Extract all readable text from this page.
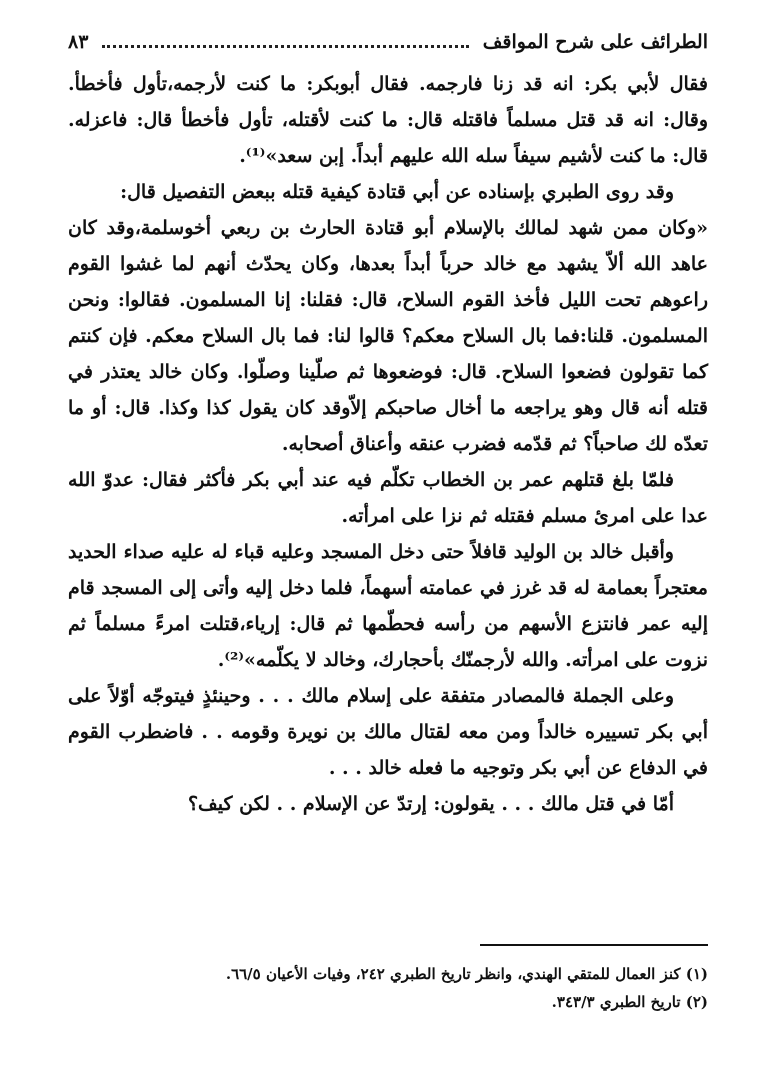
الطرائف على شرح المواقف
٨٣

فقال لأبي بكر: انه قد زنا فارجمه. فقال أبوبكر: ما كنت لأرجمه،تأول فأخطأ. وقال: انه قد قتل مسلماً فاقتله قال: ما كنت لأقتله، تأول فأخطأ قال: فاعزله. قال: ما كنت لأشيم سيفاً سله الله عليهم أبداً. إبن سعد»⁽¹⁾.

وقد روى الطبري بإسناده عن أبي قتادة كيفية قتله ببعض التفصيل قال:

«وكان ممن شهد لمالك بالإسلام أبو قتادة الحارث بن ربعي أخوسلمة،وقد كان عاهد الله ألاّ يشهد مع خالد حرباً أبداً بعدها، وكان يحدّث أنهم لما غشوا القوم راعوهم تحت الليل فأخذ القوم السلاح، قال: فقلنا: إنا المسلمون. فقالوا: ونحن المسلمون. قلنا:فما بال السلاح معكم؟ قالوا لنا: فما بال السلاح معكم. فإن كنتم كما تقولون فضعوا السلاح. قال: فوضعوها ثم صلّينا وصلّوا. وكان خالد يعتذر في قتله أنه قال وهو يراجعه ما أخال صاحبكم إلاّوقد كان يقول كذا وكذا. قال: أو ما تعدّه لك صاحباً؟ ثم قدّمه فضرب عنقه وأعناق أصحابه.

فلمّا بلغ قتلهم عمر بن الخطاب تكلّم فيه عند أبي بكر فأكثر فقال: عدوّ الله عدا على امرئ مسلم فقتله ثم نزا على امرأته.

وأقبل خالد بن الوليد قافلاً حتى دخل المسجد وعليه قباء له عليه صداء الحديد معتجراً بعمامة له قد غرز في عمامته أسهماً، فلما دخل إليه وأتى إلى المسجد قام إليه عمر فانتزع الأسهم من رأسه فحطّمها ثم قال: إرياء،قتلت امرءً مسلماً ثم نزوت على امرأته. والله لأرجمنّك بأحجارك، وخالد لا يكلّمه»⁽²⁾.

وعلى الجملة فالمصادر متفقة على إسلام مالك . . . وحينئذٍ فيتوجّه أوّلاً على أبي بكر تسييره خالداً ومن معه لقتال مالك بن نويرة وقومه . . فاضطرب القوم في الدفاع عن أبي بكر وتوجيه ما فعله خالد . . .

أمّا في قتل مالك . . . يقولون: إرتدّ عن الإسلام . . لكن كيف؟

(١) كنز العمال للمتقي الهندي، وانظر تاريخ الطبري ٢٤٢، وفيات الأعيان ٦٦/٥.
(٢) تاريخ الطبري ٣٤٣/٣.
